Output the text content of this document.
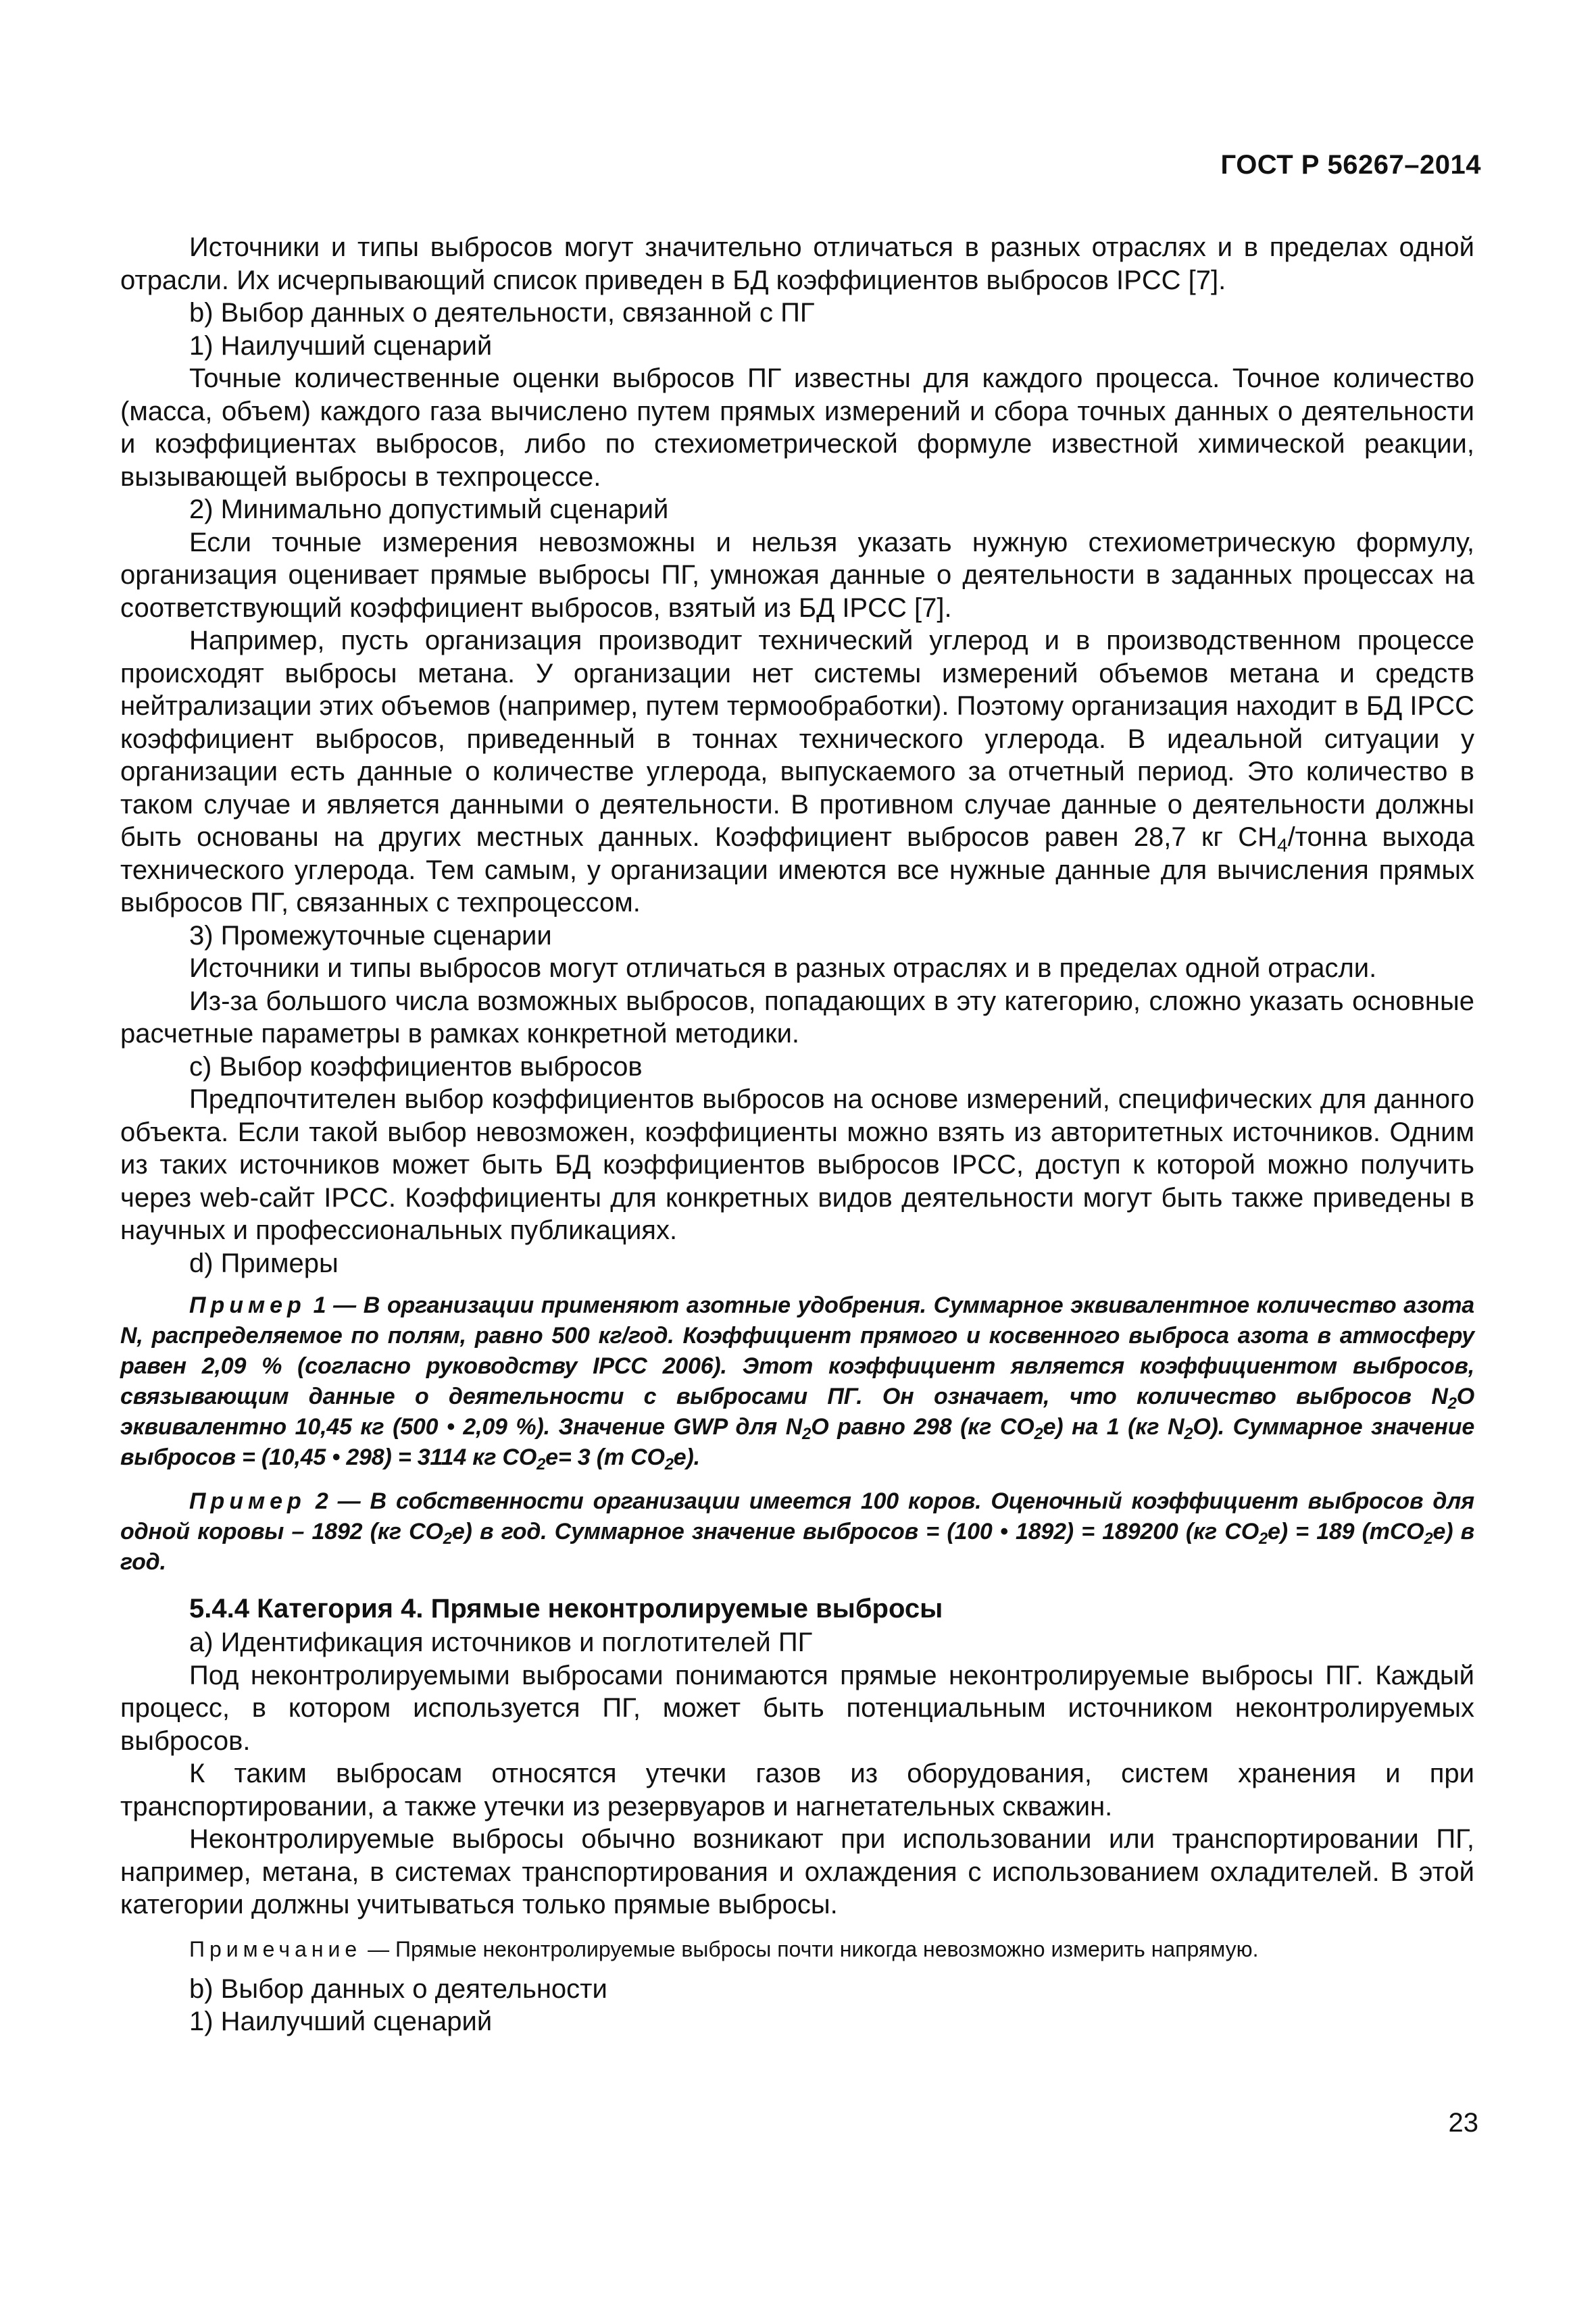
ГОСТ Р 56267–2014

Источники и типы выбросов могут значительно отличаться в разных отраслях и в пределах одной отрасли. Их исчерпывающий список приведен в БД коэффициентов выбросов IPCC [7].

b) Выбор данных о деятельности, связанной с ПГ

1) Наилучший сценарий

Точные количественные оценки выбросов ПГ известны для каждого процесса. Точное количество (масса, объем) каждого газа вычислено путем прямых измерений и сбора точных данных о деятельности и коэффициентах выбросов, либо по стехиометрической формуле известной химической реакции, вызывающей выбросы в техпроцессе.

2) Минимально допустимый сценарий

Если точные измерения невозможны и нельзя указать нужную стехиометрическую формулу, организация оценивает прямые выбросы ПГ, умножая данные о деятельности в заданных процессах на соответствующий коэффициент выбросов, взятый из БД IPCC [7].

Например, пусть организация производит технический углерод и в производственном процессе происходят выбросы метана. У организации нет системы измерений объемов метана и средств нейтрализации этих объемов (например, путем термообработки). Поэтому организация находит в БД IPCC коэффициент выбросов, приведенный в тоннах технического углерода. В идеальной ситуации у организации есть данные о количестве углерода, выпускаемого за отчетный период. Это количество в таком случае и является данными о деятельности. В противном случае данные о деятельности должны быть основаны на других местных данных. Коэффициент выбросов равен 28,7 кг $СН_4$/тонна выхода технического углерода. Тем самым, у организации имеются все нужные данные для вычисления прямых выбросов ПГ, связанных с техпроцессом.

3) Промежуточные сценарии

Источники и типы выбросов могут отличаться в разных отраслях и в пределах одной отрасли.

Из-за большого числа возможных выбросов, попадающих в эту категорию, сложно указать основные расчетные параметры в рамках конкретной методики.

c) Выбор коэффициентов выбросов

Предпочтителен выбор коэффициентов выбросов на основе измерений, специфических для данного объекта. Если такой выбор невозможен, коэффициенты можно взять из авторитетных источников. Одним из таких источников может быть БД коэффициентов выбросов IPCC, доступ к которой можно получить через web-сайт IPCC. Коэффициенты для конкретных видов деятельности могут быть также приведены в научных и профессиональных публикациях.

d) Примеры

Пример 1 — В организации применяют азотные удобрения. Суммарное эквивалентное количество азота N, распределяемое по полям, равно 500 кг/год. Коэффициент прямого и косвенного выброса азота в атмосферу равен 2,09 % (согласно руководству IPCC 2006). Этот коэффициент является коэффициентом выбросов, связывающим данные о деятельности с выбросами ПГ. Он означает, что количество выбросов $N_2O$ эквивалентно 10,45 кг (500 • 2,09 %). Значение GWP для $N_2O$ равно 298 (кг $CO_2e$) на 1 (кг $N_2O$). Суммарное значение выбросов = (10,45 • 298) = 3114 кг $CO_2e= 3$ (т $CO_2e$).

Пример 2 — В собственности организации имеется 100 коров. Оценочный коэффициент выбросов для одной коровы – 1892 (кг $CO_2e$) в год. Суммарное значение выбросов = (100 • 1892) = 189200 (кг $CO_2e) = 189$ (тCO$_2$e) в год.

5.4.4 Категория 4. Прямые неконтролируемые выбросы

a) Идентификация источников и поглотителей ПГ

Под неконтролируемыми выбросами понимаются прямые неконтролируемые выбросы ПГ. Каждый процесс, в котором используется ПГ, может быть потенциальным источником неконтролируемых выбросов.

К таким выбросам относятся утечки газов из оборудования, систем хранения и при транспортировании, а также утечки из резервуаров и нагнетательных скважин.

Неконтролируемые выбросы обычно возникают при использовании или транспортировании ПГ, например, метана, в системах транспортирования и охлаждения с использованием охладителей. В этой категории должны учитываться только прямые выбросы.

Примечание — Прямые неконтролируемые выбросы почти никогда невозможно измерить напрямую.

b) Выбор данных о деятельности

1) Наилучший сценарий

23
